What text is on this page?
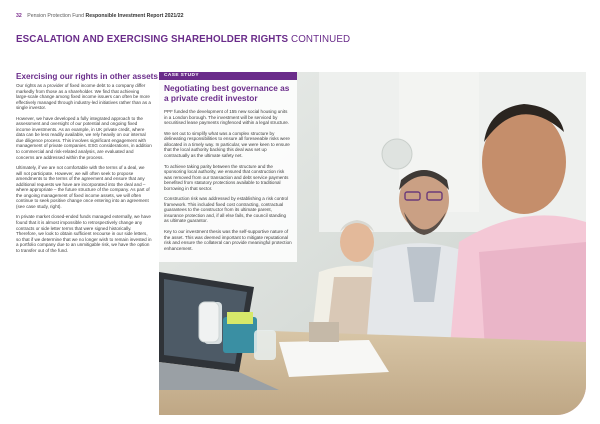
32 Pension Protection Fund Responsible Investment Report 2021/22
ESCALATION AND EXERCISING SHAREHOLDER RIGHTS CONTINUED
Exercising our rights in other assets

Our rights as a provider of fixed income debt to a company differ markedly from those as a shareholder. We find that achieving large-scale change among fixed income issuers can often be more effectively managed through industry-led initiatives rather than as a single investor.

However, we have developed a fully integrated approach to the assessment and oversight of our potential and ongoing fixed income investments. As an example, in UK private credit, where data can be less readily available, we rely heavily on our internal due diligence process. This involves significant engagement with management of private companies. ESG considerations, in addition to commercial and risk-related analysis, are evaluated and concerns are addressed within the process.

Ultimately, if we are not comfortable with the terms of a deal, we will not participate. However, we will often seek to propose amendments to the terms of the agreement and ensure that any additional requests we have are incorporated into the deal and – where appropriate – the future structure of the company. As part of the ongoing management of fixed income assets, we will often continue to seek positive change once entering into an agreement (see case study, right).

In private market closed-ended funds managed externally, we have found that it is almost impossible to retrospectively change any contracts or side letter terms that were signed historically. Therefore, we look to obtain sufficient recourse in our side letters, so that if we determine that we no longer wish to remain invested in a portfolio company due to an unmitigable risk, we have the option to transfer out of the fund.

CASE STUDY
Negotiating best governance as a private credit investor

PPF funded the development of 155 new social housing units in a London borough. The investment will be serviced by securitised lease payments ringfenced within a legal structure.

We set out to simplify what was a complex structure by delineating responsibilities to ensure all foreseeable risks were allocated in a timely way. In particular, we were keen to ensure that the local authority backing this deal was set up contractually as the ultimate safety net.

To achieve taking parity between the structure and the sponsoring local authority, we ensured that construction risk was removed from our transaction and debt service payments benefited from statutory protections available to traditional borrowing in that sector.

Construction risk was addressed by establishing a risk control framework. This included fixed cost contracting, contractual guarantees to the constructor from its ultimate parent, insurance protection and, if all else fails, the council standing as ultimate guarantor.

Key to our investment thesis was the self-supportive nature of the asset. This was deemed important to mitigate reputational risk and ensure the collateral can provide meaningful protection enhancement.
